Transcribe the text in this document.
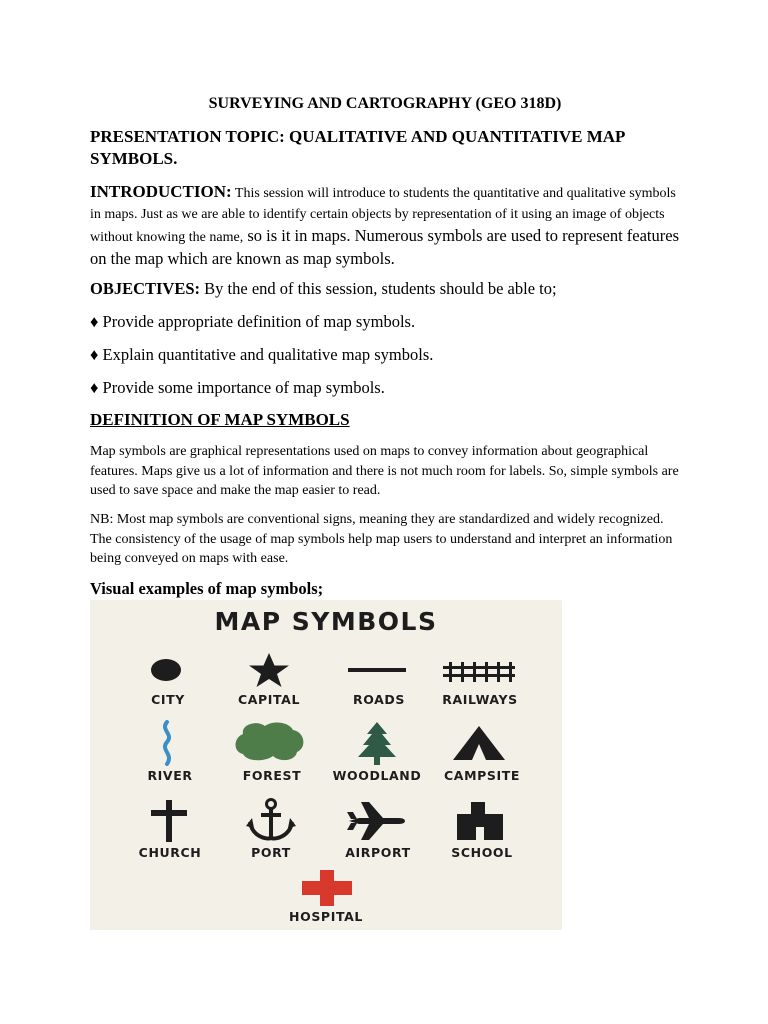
SURVEYING AND CARTOGRAPHY (GEO 318D)
PRESENTATION TOPIC: QUALITATIVE AND QUANTITATIVE MAP
SYMBOLS.
INTRODUCTION: This session will introduce to students the quantitative and qualitative symbols in maps. Just as we are able to identify certain objects by representation of it using an image of objects without knowing the name, so is it in maps. Numerous symbols are used to represent features on the map which are known as map symbols.
OBJECTIVES: By the end of this session, students should be able to;
♦ Provide appropriate definition of map symbols.
♦ Explain quantitative and qualitative map symbols.
♦ Provide some importance of map symbols.
DEFINITION OF MAP SYMBOLS
Map symbols are graphical representations used on maps to convey information about geographical features. Maps give us a lot of information and there is not much room for labels. So, simple symbols are used to save space and make the map easier to read.
NB: Most map symbols are conventional signs, meaning they are standardized and widely recognized. The consistency of the usage of map symbols help map users to understand and interpret an information being conveyed on maps with ease.
Visual examples of map symbols;
MAP SYMBOLS
CITY	CAPITAL	ROADS	RAILWAYS
RIVER	FOREST	WOODLAND CAMPSITE
CHURCH	PORT	AIRPORT	SCHOOL
HOSPITAL
